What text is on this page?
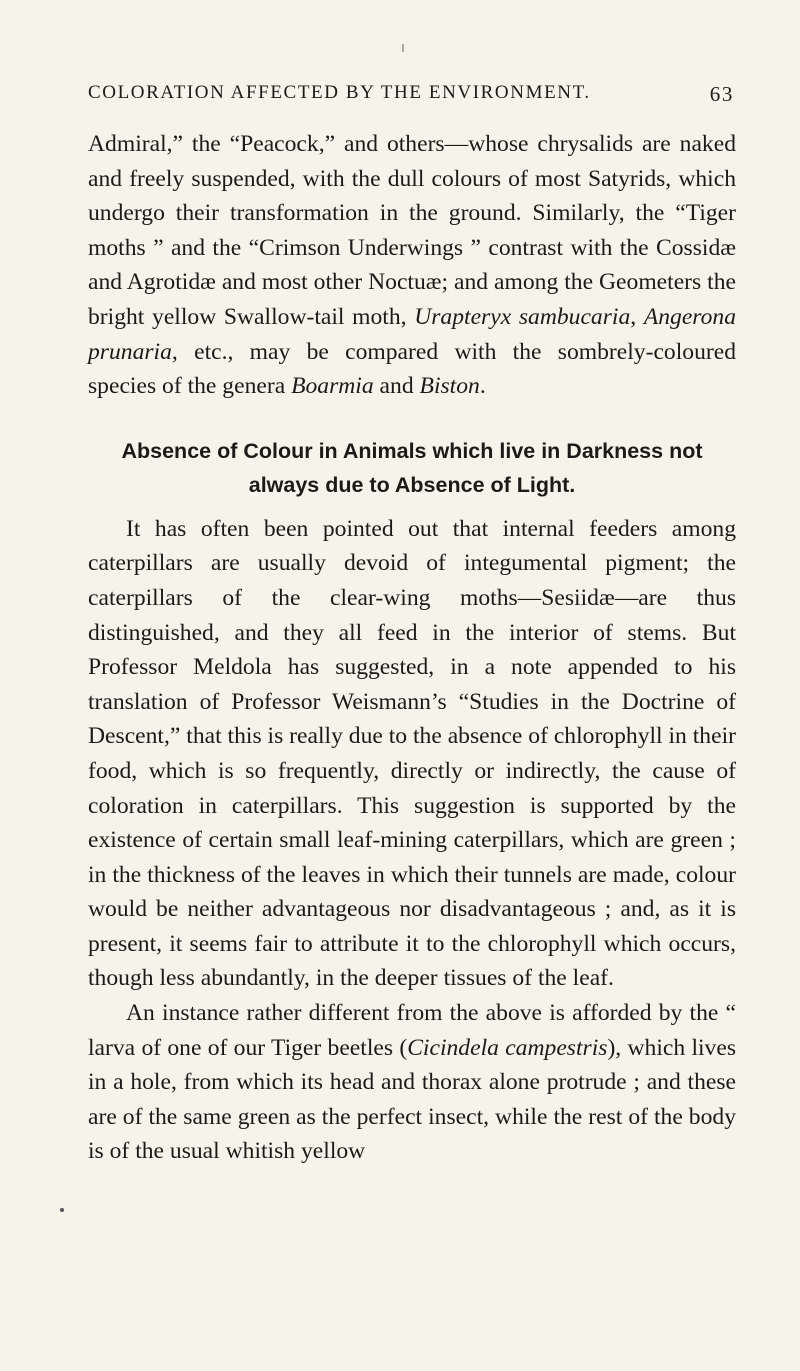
COLORATION AFFECTED BY THE ENVIRONMENT.	63

Admiral,” the “Peacock,” and others—whose chrysalids are naked and freely suspended, with the dull colours of most Satyrids, which undergo their transformation in the ground. Similarly, the “Tiger moths ” and the “Crimson Underwings ” contrast with the Cossidæ and Agrotidæ and most other Noctuæ; and among the Geometers the bright yellow Swallow-tail moth, Urapteryx sambucaria, Angerona prunaria, etc., may be compared with the sombrely-coloured species of the genera Boarmia and Biston.

Absence of Colour in Animals which live in Darkness not always due to Absence of Light.

It has often been pointed out that internal feeders among caterpillars are usually devoid of integumental pigment; the caterpillars of the clear-wing moths—Sesiidæ—are thus distinguished, and they all feed in the interior of stems. But Professor Meldola has suggested, in a note appended to his translation of Professor Weismann’s “Studies in the Doctrine of Descent,” that this is really due to the absence of chlorophyll in their food, which is so frequently, directly or indirectly, the cause of coloration in caterpillars. This suggestion is supported by the existence of certain small leaf-mining caterpillars, which are green ; in the thickness of the leaves in which their tunnels are made, colour would be neither advantageous nor disadvantageous ; and, as it is present, it seems fair to attribute it to the chlorophyll which occurs, though less abundantly, in the deeper tissues of the leaf.

An instance rather different from the above is afforded by the “ larva of one of our Tiger beetles (Cicindela campestris), which lives in a hole, from which its head and thorax alone protrude ; and these are of the same green as the perfect insect, while the rest of the body is of the usual whitish yellow
